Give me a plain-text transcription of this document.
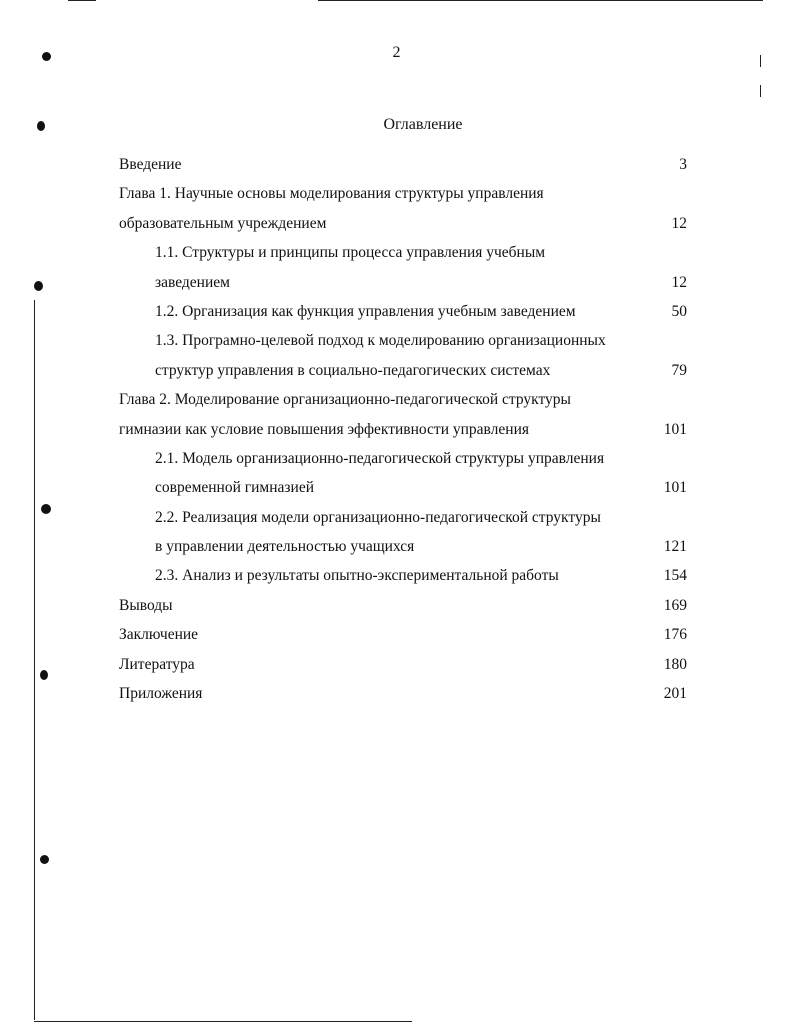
2
Оглавление
Введение	3
Глава 1. Научные основы моделирования структуры управления
образовательным учреждением	12
1.1. Структуры и принципы процесса управления учебным
заведением	12
1.2. Организация как функция управления учебным заведением	50
1.3. Програмно-целевой подход к моделированию организационных
структур управления в социально-педагогических системах	79
Глава 2. Моделирование организационно-педагогической структуры
гимназии как условие повышения эффективности управления	101
2.1. Модель организационно-педагогической структуры управления
современной гимназией	101
2.2. Реализация модели организационно-педагогической структуры
в управлении деятельностью учащихся	121
2.3. Анализ и результаты опытно-экспериментальной работы	154
Выводы	169
Заключение	176
Литература	180
Приложения	201
